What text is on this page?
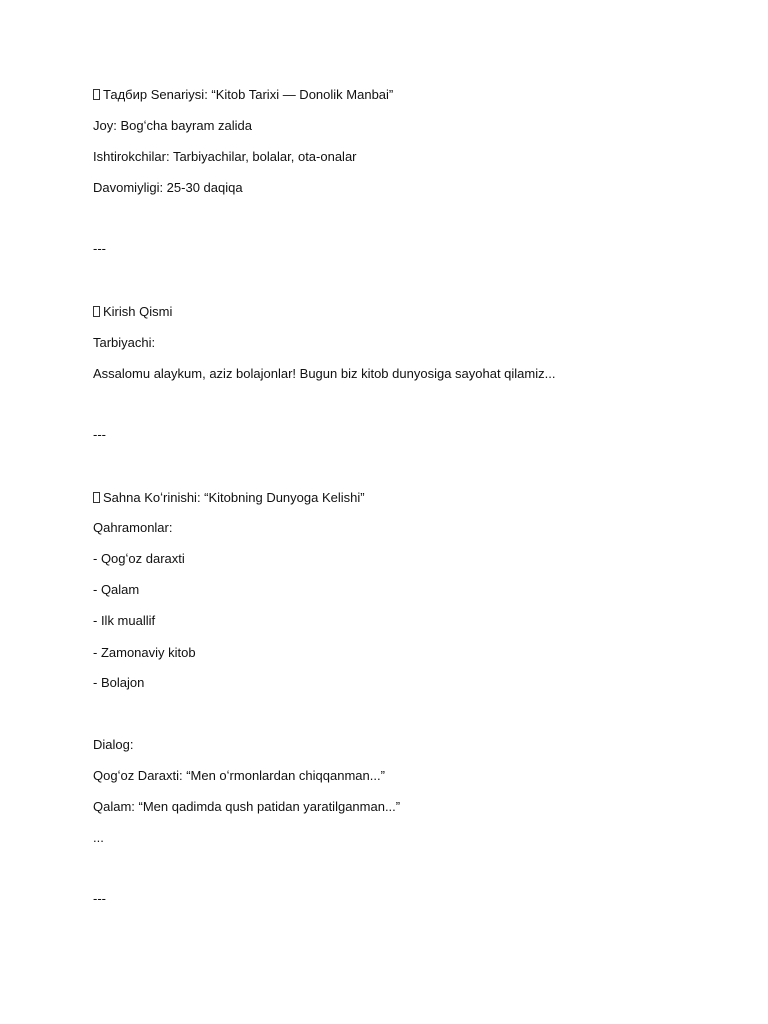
Тадбир Senariysi: “Kitob Tarixi — Donolik Manbai”
Joy: Bogʻcha bayram zalida
Ishtirokchilar: Tarbiyachilar, bolalar, ota-onalar
Davomiyligi: 25-30 daqiqa
---
Kirish Qismi
Tarbiyachi:
Assalomu alaykum, aziz bolajonlar! Bugun biz kitob dunyosiga sayohat qilamiz...
---
Sahna Koʻrinishi: “Kitobning Dunyoga Kelishi”
Qahramonlar:
- Qogʻoz daraxti
- Qalam
- Ilk muallif
- Zamonaviy kitob
- Bolajon
Dialog:
Qogʻoz Daraxti: “Men oʻrmonlardan chiqqanman...”
Qalam: “Men qadimda qush patidan yaratilganman...”
...
---
